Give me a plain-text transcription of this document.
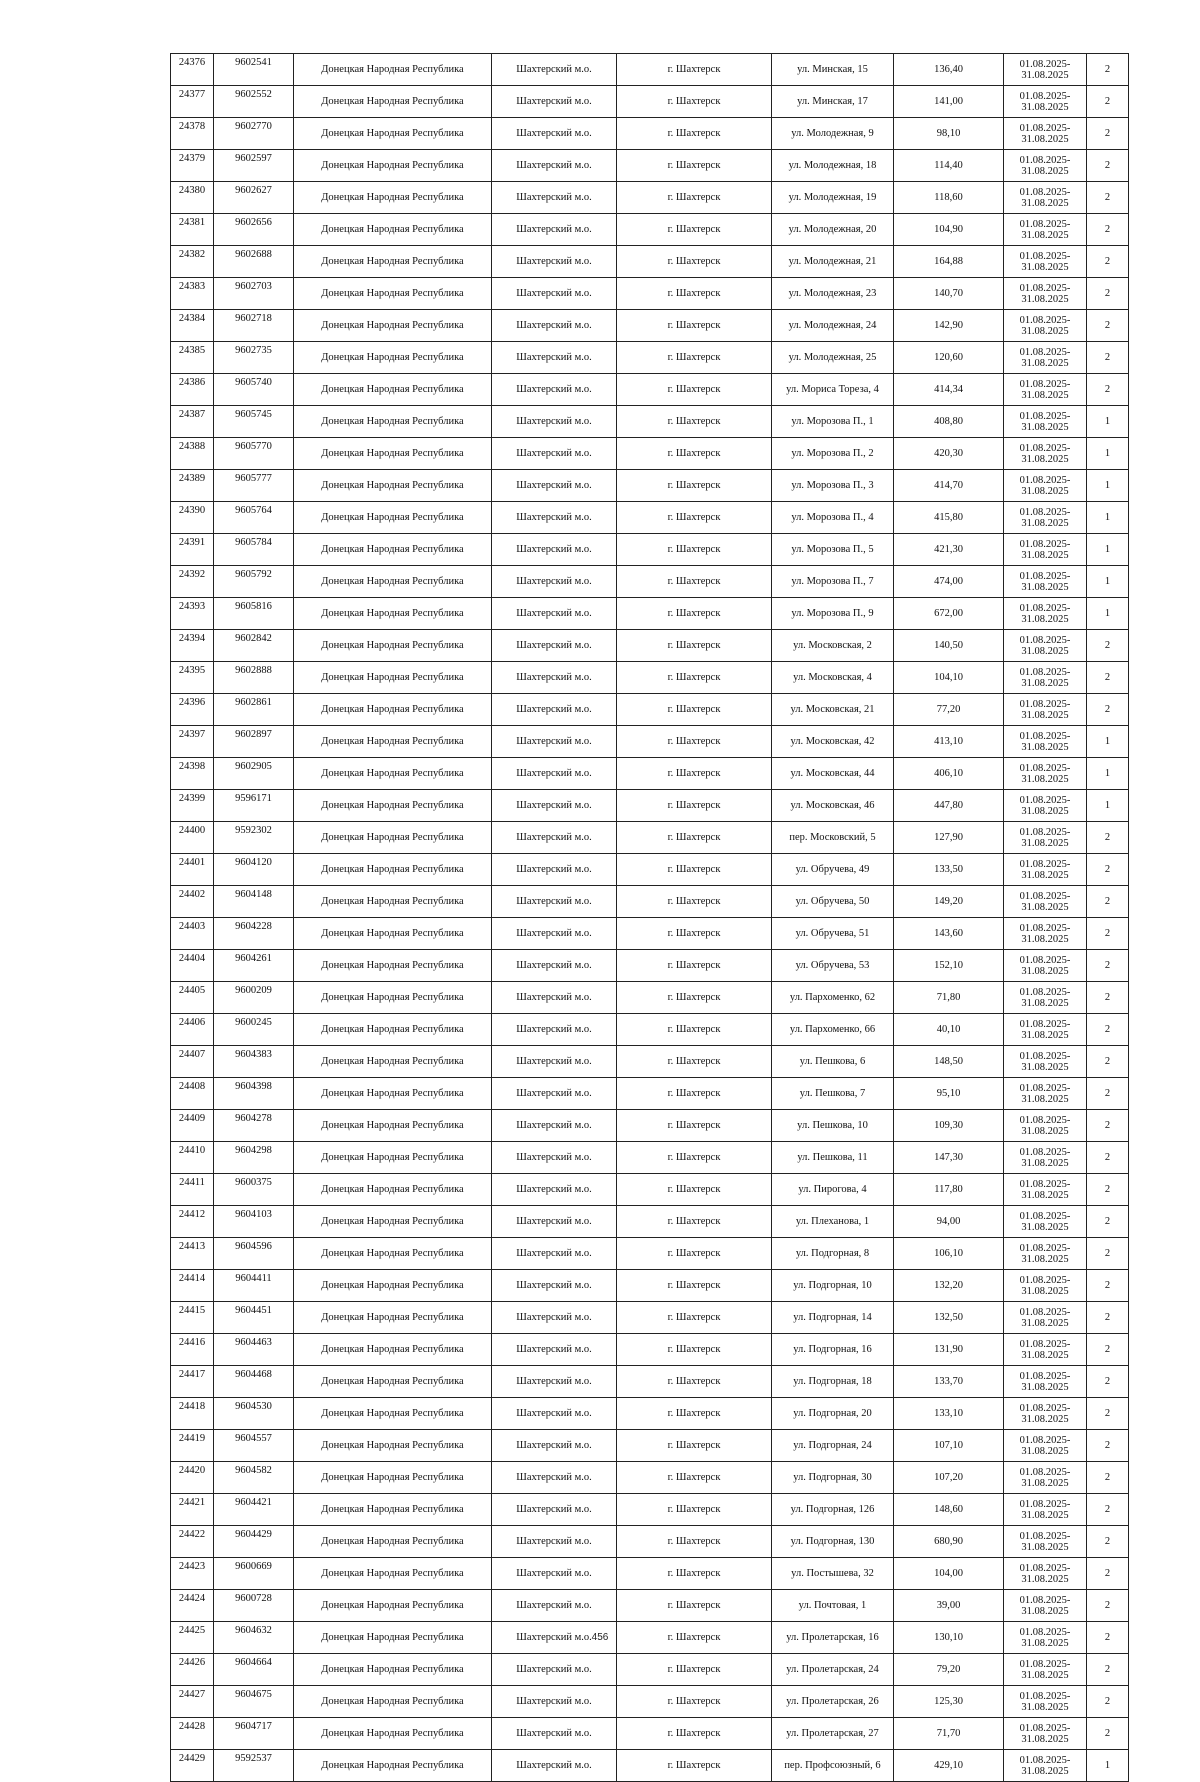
24376	9602541	Донецкая Народная Республика	Шахтерский м.о.	г. Шахтерск	ул. Минская, 15	136,40	01.08.2025- 31.08.2025	2
24377	9602552	Донецкая Народная Республика	Шахтерский м.о.	г. Шахтерск	ул. Минская, 17	141,00	01.08.2025- 31.08.2025	2
24378	9602770	Донецкая Народная Республика	Шахтерский м.о.	г. Шахтерск	ул. Молодежная, 9	98,10	01.08.2025- 31.08.2025	2
24379	9602597	Донецкая Народная Республика	Шахтерский м.о.	г. Шахтерск	ул. Молодежная, 18	114,40	01.08.2025- 31.08.2025	2
24380	9602627	Донецкая Народная Республика	Шахтерский м.о.	г. Шахтерск	ул. Молодежная, 19	118,60	01.08.2025- 31.08.2025	2
24381	9602656	Донецкая Народная Республика	Шахтерский м.о.	г. Шахтерск	ул. Молодежная, 20	104,90	01.08.2025- 31.08.2025	2
24382	9602688	Донецкая Народная Республика	Шахтерский м.о.	г. Шахтерск	ул. Молодежная, 21	164,88	01.08.2025- 31.08.2025	2
24383	9602703	Донецкая Народная Республика	Шахтерский м.о.	г. Шахтерск	ул. Молодежная, 23	140,70	01.08.2025- 31.08.2025	2
24384	9602718	Донецкая Народная Республика	Шахтерский м.о.	г. Шахтерск	ул. Молодежная, 24	142,90	01.08.2025- 31.08.2025	2
24385	9602735	Донецкая Народная Республика	Шахтерский м.о.	г. Шахтерск	ул. Молодежная, 25	120,60	01.08.2025- 31.08.2025	2
24386	9605740	Донецкая Народная Республика	Шахтерский м.о.	г. Шахтерск	ул. Мориса Тореза, 4	414,34	01.08.2025- 31.08.2025	2
24387	9605745	Донецкая Народная Республика	Шахтерский м.о.	г. Шахтерск	ул. Морозова П., 1	408,80	01.08.2025- 31.08.2025	1
24388	9605770	Донецкая Народная Республика	Шахтерский м.о.	г. Шахтерск	ул. Морозова П., 2	420,30	01.08.2025- 31.08.2025	1
24389	9605777	Донецкая Народная Республика	Шахтерский м.о.	г. Шахтерск	ул. Морозова П., 3	414,70	01.08.2025- 31.08.2025	1
24390	9605764	Донецкая Народная Республика	Шахтерский м.о.	г. Шахтерск	ул. Морозова П., 4	415,80	01.08.2025- 31.08.2025	1
24391	9605784	Донецкая Народная Республика	Шахтерский м.о.	г. Шахтерск	ул. Морозова П., 5	421,30	01.08.2025- 31.08.2025	1
24392	9605792	Донецкая Народная Республика	Шахтерский м.о.	г. Шахтерск	ул. Морозова П., 7	474,00	01.08.2025- 31.08.2025	1
24393	9605816	Донецкая Народная Республика	Шахтерский м.о.	г. Шахтерск	ул. Морозова П., 9	672,00	01.08.2025- 31.08.2025	1
24394	9602842	Донецкая Народная Республика	Шахтерский м.о.	г. Шахтерск	ул. Московская, 2	140,50	01.08.2025- 31.08.2025	2
24395	9602888	Донецкая Народная Республика	Шахтерский м.о.	г. Шахтерск	ул. Московская, 4	104,10	01.08.2025- 31.08.2025	2
24396	9602861	Донецкая Народная Республика	Шахтерский м.о.	г. Шахтерск	ул. Московская, 21	77,20	01.08.2025- 31.08.2025	2
24397	9602897	Донецкая Народная Республика	Шахтерский м.о.	г. Шахтерск	ул. Московская, 42	413,10	01.08.2025- 31.08.2025	1
24398	9602905	Донецкая Народная Республика	Шахтерский м.о.	г. Шахтерск	ул. Московская, 44	406,10	01.08.2025- 31.08.2025	1
24399	9596171	Донецкая Народная Республика	Шахтерский м.о.	г. Шахтерск	ул. Московская, 46	447,80	01.08.2025- 31.08.2025	1
24400	9592302	Донецкая Народная Республика	Шахтерский м.о.	г. Шахтерск	пер. Московский, 5	127,90	01.08.2025- 31.08.2025	2
24401	9604120	Донецкая Народная Республика	Шахтерский м.о.	г. Шахтерск	ул. Обручева, 49	133,50	01.08.2025- 31.08.2025	2
24402	9604148	Донецкая Народная Республика	Шахтерский м.о.	г. Шахтерск	ул. Обручева, 50	149,20	01.08.2025- 31.08.2025	2
24403	9604228	Донецкая Народная Республика	Шахтерский м.о.	г. Шахтерск	ул. Обручева, 51	143,60	01.08.2025- 31.08.2025	2
24404	9604261	Донецкая Народная Республика	Шахтерский м.о.	г. Шахтерск	ул. Обручева, 53	152,10	01.08.2025- 31.08.2025	2
24405	9600209	Донецкая Народная Республика	Шахтерский м.о.	г. Шахтерск	ул. Пархоменко, 62	71,80	01.08.2025- 31.08.2025	2
24406	9600245	Донецкая Народная Республика	Шахтерский м.о.	г. Шахтерск	ул. Пархоменко, 66	40,10	01.08.2025- 31.08.2025	2
24407	9604383	Донецкая Народная Республика	Шахтерский м.о.	г. Шахтерск	ул. Пешкова, 6	148,50	01.08.2025- 31.08.2025	2
24408	9604398	Донецкая Народная Республика	Шахтерский м.о.	г. Шахтерск	ул. Пешкова, 7	95,10	01.08.2025- 31.08.2025	2
24409	9604278	Донецкая Народная Республика	Шахтерский м.о.	г. Шахтерск	ул. Пешкова, 10	109,30	01.08.2025- 31.08.2025	2
24410	9604298	Донецкая Народная Республика	Шахтерский м.о.	г. Шахтерск	ул. Пешкова, 11	147,30	01.08.2025- 31.08.2025	2
24411	9600375	Донецкая Народная Республика	Шахтерский м.о.	г. Шахтерск	ул. Пирогова, 4	117,80	01.08.2025- 31.08.2025	2
24412	9604103	Донецкая Народная Республика	Шахтерский м.о.	г. Шахтерск	ул. Плеханова, 1	94,00	01.08.2025- 31.08.2025	2
24413	9604596	Донецкая Народная Республика	Шахтерский м.о.	г. Шахтерск	ул. Подгорная, 8	106,10	01.08.2025- 31.08.2025	2
24414	9604411	Донецкая Народная Республика	Шахтерский м.о.	г. Шахтерск	ул. Подгорная, 10	132,20	01.08.2025- 31.08.2025	2
24415	9604451	Донецкая Народная Республика	Шахтерский м.о.	г. Шахтерск	ул. Подгорная, 14	132,50	01.08.2025- 31.08.2025	2
24416	9604463	Донецкая Народная Республика	Шахтерский м.о.	г. Шахтерск	ул. Подгорная, 16	131,90	01.08.2025- 31.08.2025	2
24417	9604468	Донецкая Народная Республика	Шахтерский м.о.	г. Шахтерск	ул. Подгорная, 18	133,70	01.08.2025- 31.08.2025	2
24418	9604530	Донецкая Народная Республика	Шахтерский м.о.	г. Шахтерск	ул. Подгорная, 20	133,10	01.08.2025- 31.08.2025	2
24419	9604557	Донецкая Народная Республика	Шахтерский м.о.	г. Шахтерск	ул. Подгорная, 24	107,10	01.08.2025- 31.08.2025	2
24420	9604582	Донецкая Народная Республика	Шахтерский м.о.	г. Шахтерск	ул. Подгорная, 30	107,20	01.08.2025- 31.08.2025	2
24421	9604421	Донецкая Народная Республика	Шахтерский м.о.	г. Шахтерск	ул. Подгорная, 126	148,60	01.08.2025- 31.08.2025	2
24422	9604429	Донецкая Народная Республика	Шахтерский м.о.	г. Шахтерск	ул. Подгорная, 130	680,90	01.08.2025- 31.08.2025	2
24423	9600669	Донецкая Народная Республика	Шахтерский м.о.	г. Шахтерск	ул. Постышева, 32	104,00	01.08.2025- 31.08.2025	2
24424	9600728	Донецкая Народная Республика	Шахтерский м.о.	г. Шахтерск	ул. Почтовая, 1	39,00	01.08.2025- 31.08.2025	2
24425	9604632	Донецкая Народная Республика	Шахтерский м.о.	г. Шахтерск	ул. Пролетарская, 16	130,10	01.08.2025- 31.08.2025	2
24426	9604664	Донецкая Народная Республика	Шахтерский м.о.	г. Шахтерск	ул. Пролетарская, 24	79,20	01.08.2025- 31.08.2025	2
24427	9604675	Донецкая Народная Республика	Шахтерский м.о.	г. Шахтерск	ул. Пролетарская, 26	125,30	01.08.2025- 31.08.2025	2
24428	9604717	Донецкая Народная Республика	Шахтерский м.о.	г. Шахтерск	ул. Пролетарская, 27	71,70	01.08.2025- 31.08.2025	2
24429	9592537	Донецкая Народная Республика	Шахтерский м.о.	г. Шахтерск	пер. Профсоюзный, 6	429,10	01.08.2025- 31.08.2025	1
456
